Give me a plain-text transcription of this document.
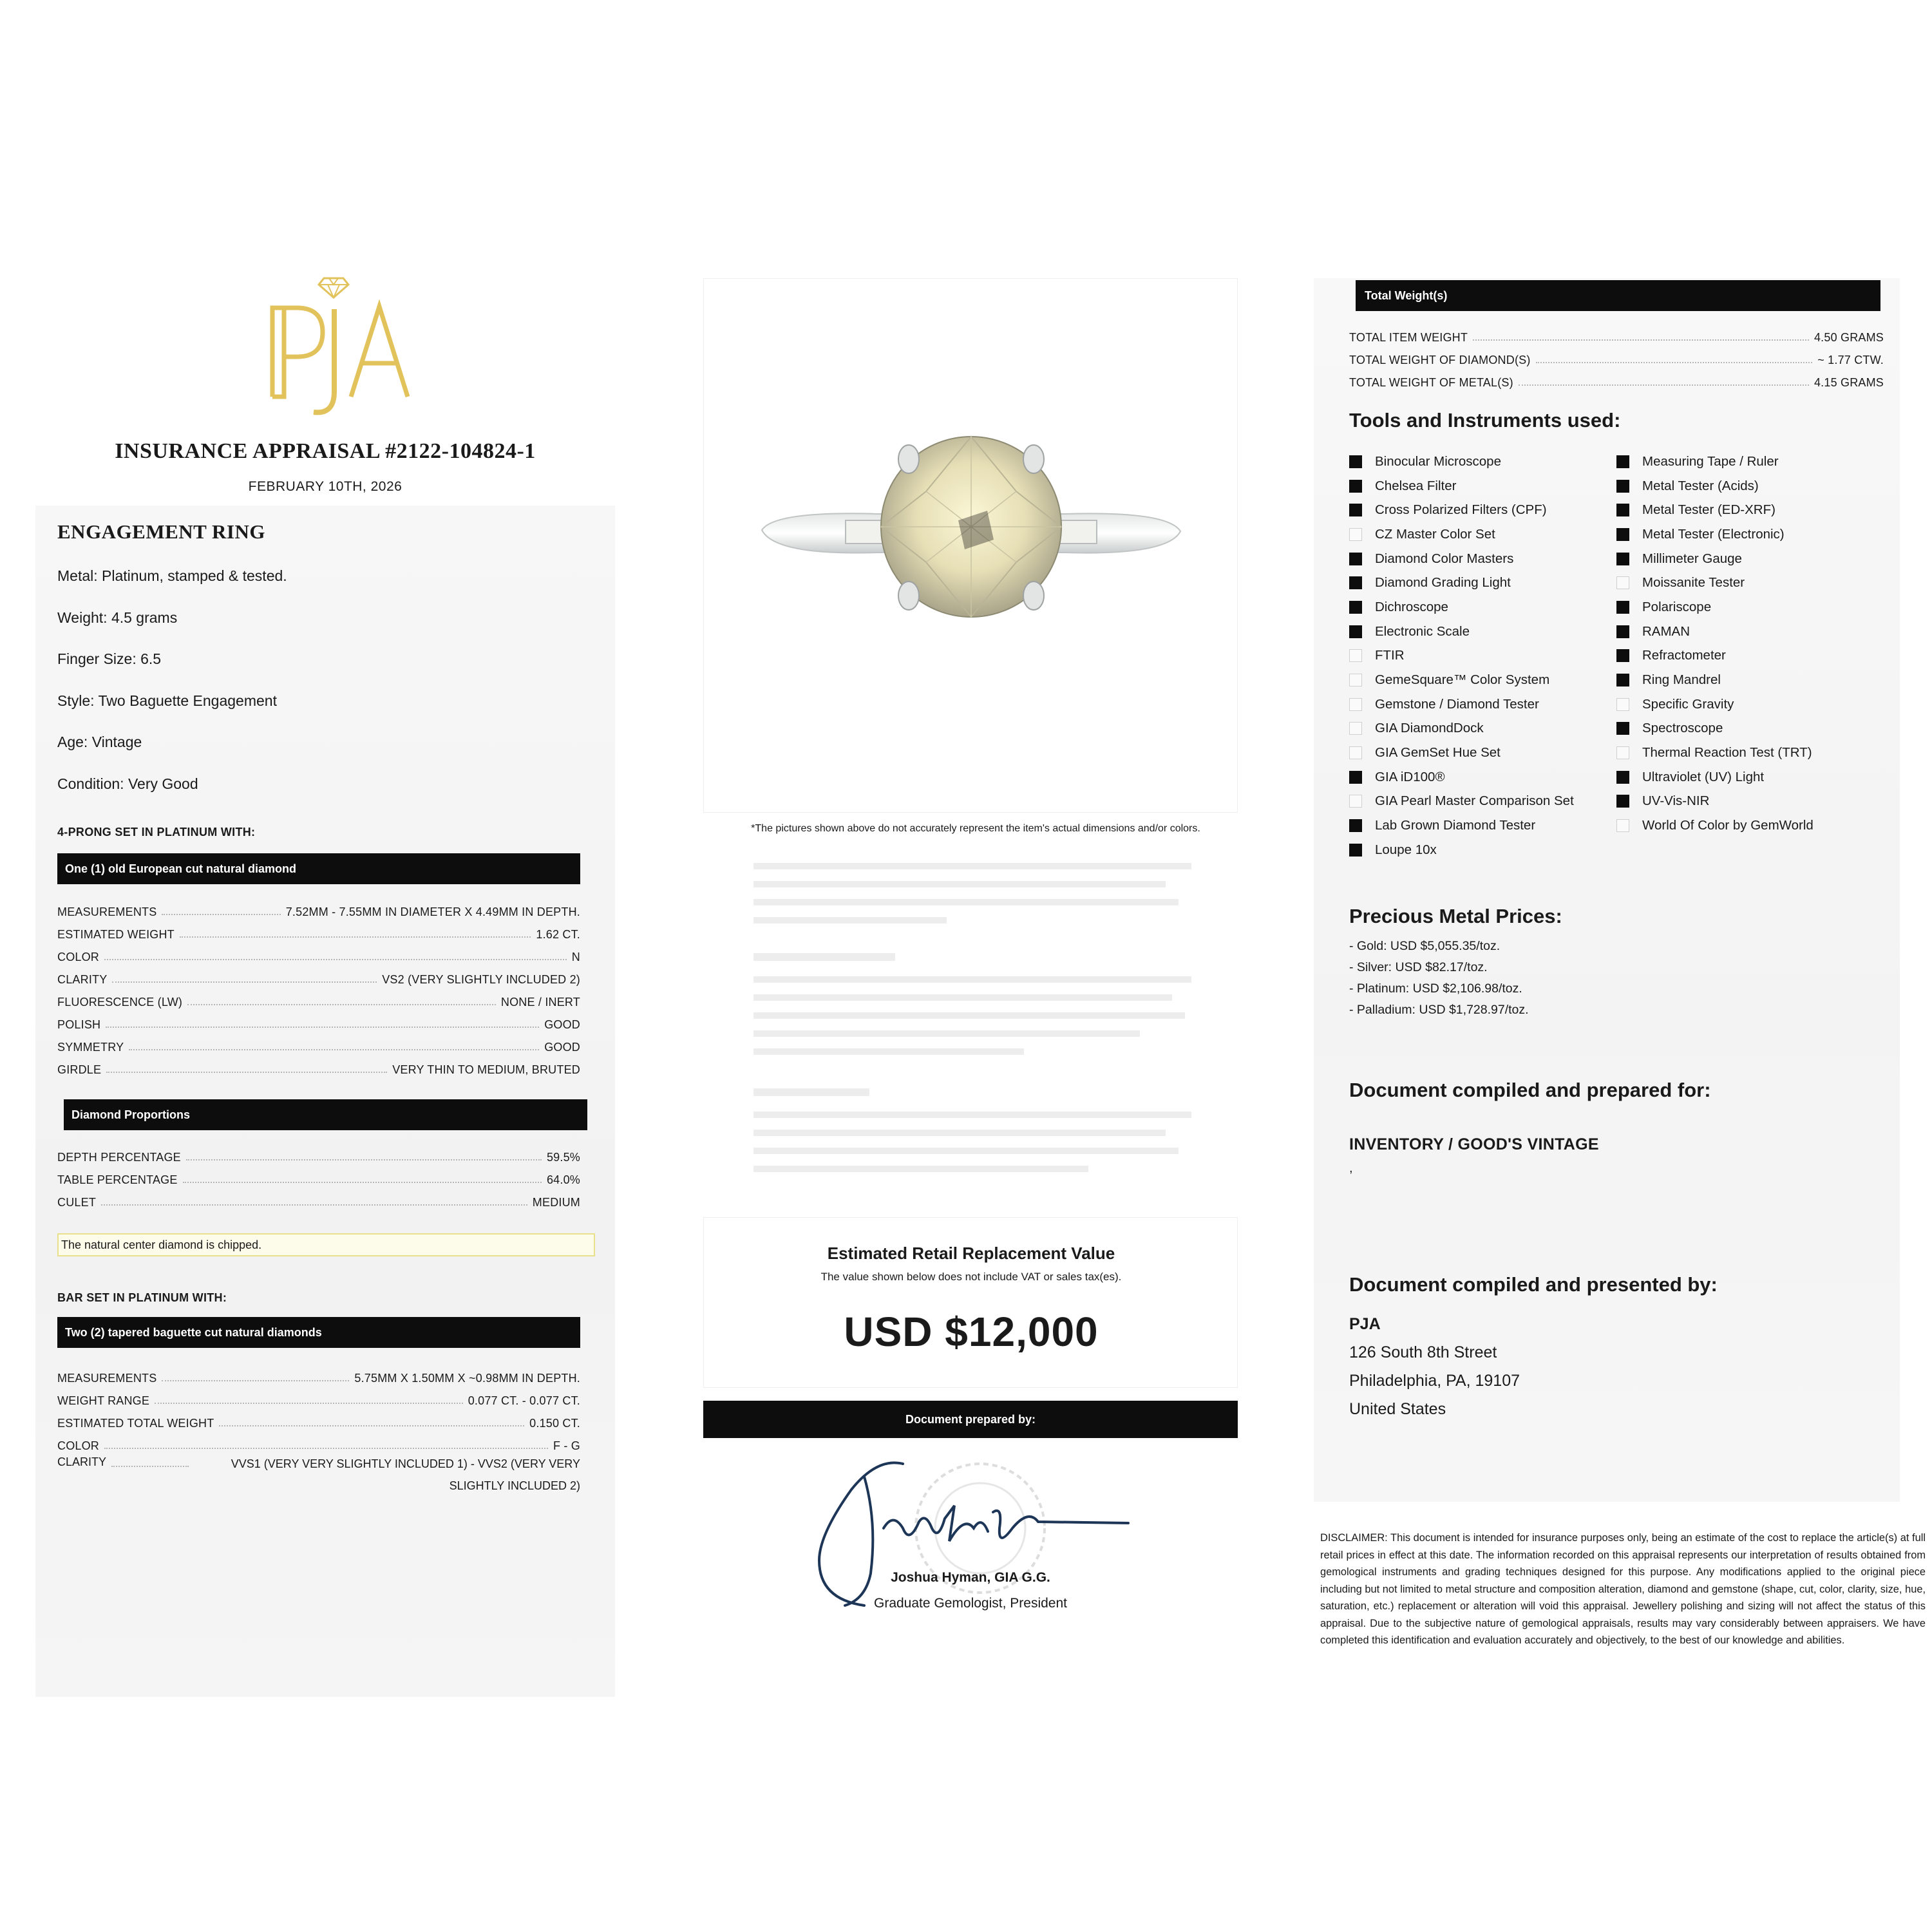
INSURANCE APPRAISAL #2122-104824-1
FEBRUARY 10TH, 2026
ENGAGEMENT RING
Metal: Platinum, stamped & tested.
Weight: 4.5 grams
Finger Size: 6.5
Style: Two Baguette Engagement
Age: Vintage
Condition: Very Good
4-PRONG SET IN PLATINUM WITH:
One (1) old European cut natural diamond
MEASUREMENTS	7.52MM - 7.55MM IN DIAMETER X 4.49MM IN DEPTH.
ESTIMATED WEIGHT	1.62 CT.
COLOR	N
CLARITY	VS2 (VERY SLIGHTLY INCLUDED 2)
FLUORESCENCE (LW)	NONE / INERT
POLISH	GOOD
SYMMETRY	GOOD
GIRDLE	VERY THIN TO MEDIUM, BRUTED
Diamond Proportions
DEPTH PERCENTAGE	59.5%
TABLE PERCENTAGE	64.0%
CULET	MEDIUM
The natural center diamond is chipped.
BAR SET IN PLATINUM WITH:
Two (2) tapered baguette cut natural diamonds
MEASUREMENTS	5.75MM X 1.50MM X ~0.98MM IN DEPTH.
WEIGHT RANGE	0.077 CT. - 0.077 CT.
ESTIMATED TOTAL WEIGHT	0.150 CT.
COLOR	F - G
CLARITY	VVS1 (VERY VERY SLIGHTLY INCLUDED 1) - VVS2 (VERY VERY SLIGHTLY INCLUDED 2)
*The pictures shown above do not accurately represent the item's actual dimensions and/or colors.
Estimated Retail Replacement Value
The value shown below does not include VAT or sales tax(es).
USD $12,000
Document prepared by:
Joshua Hyman, GIA G.G.
Graduate Gemologist, President
Total Weight(s)
TOTAL ITEM WEIGHT	4.50 GRAMS
TOTAL WEIGHT OF DIAMOND(S)	~ 1.77 CTW.
TOTAL WEIGHT OF METAL(S)	4.15 GRAMS
Tools and Instruments used:
Binocular Microscope
Chelsea Filter
Cross Polarized Filters (CPF)
CZ Master Color Set
Diamond Color Masters
Diamond Grading Light
Dichroscope
Electronic Scale
FTIR
GemeSquare™ Color System
Gemstone / Diamond Tester
GIA DiamondDock
GIA GemSet Hue Set
GIA iD100®
GIA Pearl Master Comparison Set
Lab Grown Diamond Tester
Loupe 10x
Measuring Tape / Ruler
Metal Tester (Acids)
Metal Tester (ED-XRF)
Metal Tester (Electronic)
Millimeter Gauge
Moissanite Tester
Polariscope
RAMAN
Refractometer
Ring Mandrel
Specific Gravity
Spectroscope
Thermal Reaction Test (TRT)
Ultraviolet (UV) Light
UV-Vis-NIR
World Of Color by GemWorld
Precious Metal Prices:
- Gold: USD $5,055.35/toz.
- Silver: USD $82.17/toz.
- Platinum: USD $2,106.98/toz.
- Palladium: USD $1,728.97/toz.
Document compiled and prepared for:
INVENTORY / GOOD'S VINTAGE
,
Document compiled and presented by:
PJA
126 South 8th Street
Philadelphia, PA, 19107
United States
DISCLAIMER: This document is intended for insurance purposes only, being an estimate of the cost to replace the article(s) at full retail prices in effect at this date. The information recorded on this appraisal represents our interpretation of results obtained from gemological instruments and grading techniques designed for this purpose. Any modifications applied to the original piece including but not limited to metal structure and composition alteration, diamond and gemstone (shape, cut, color, clarity, size, hue, saturation, etc.) replacement or alteration will void this appraisal. Jewellery polishing and sizing will not affect the status of this appraisal. Due to the subjective nature of gemological appraisals, results may vary considerably between appraisers. We have completed this identification and evaluation accurately and objectively, to the best of our knowledge and abilities.
